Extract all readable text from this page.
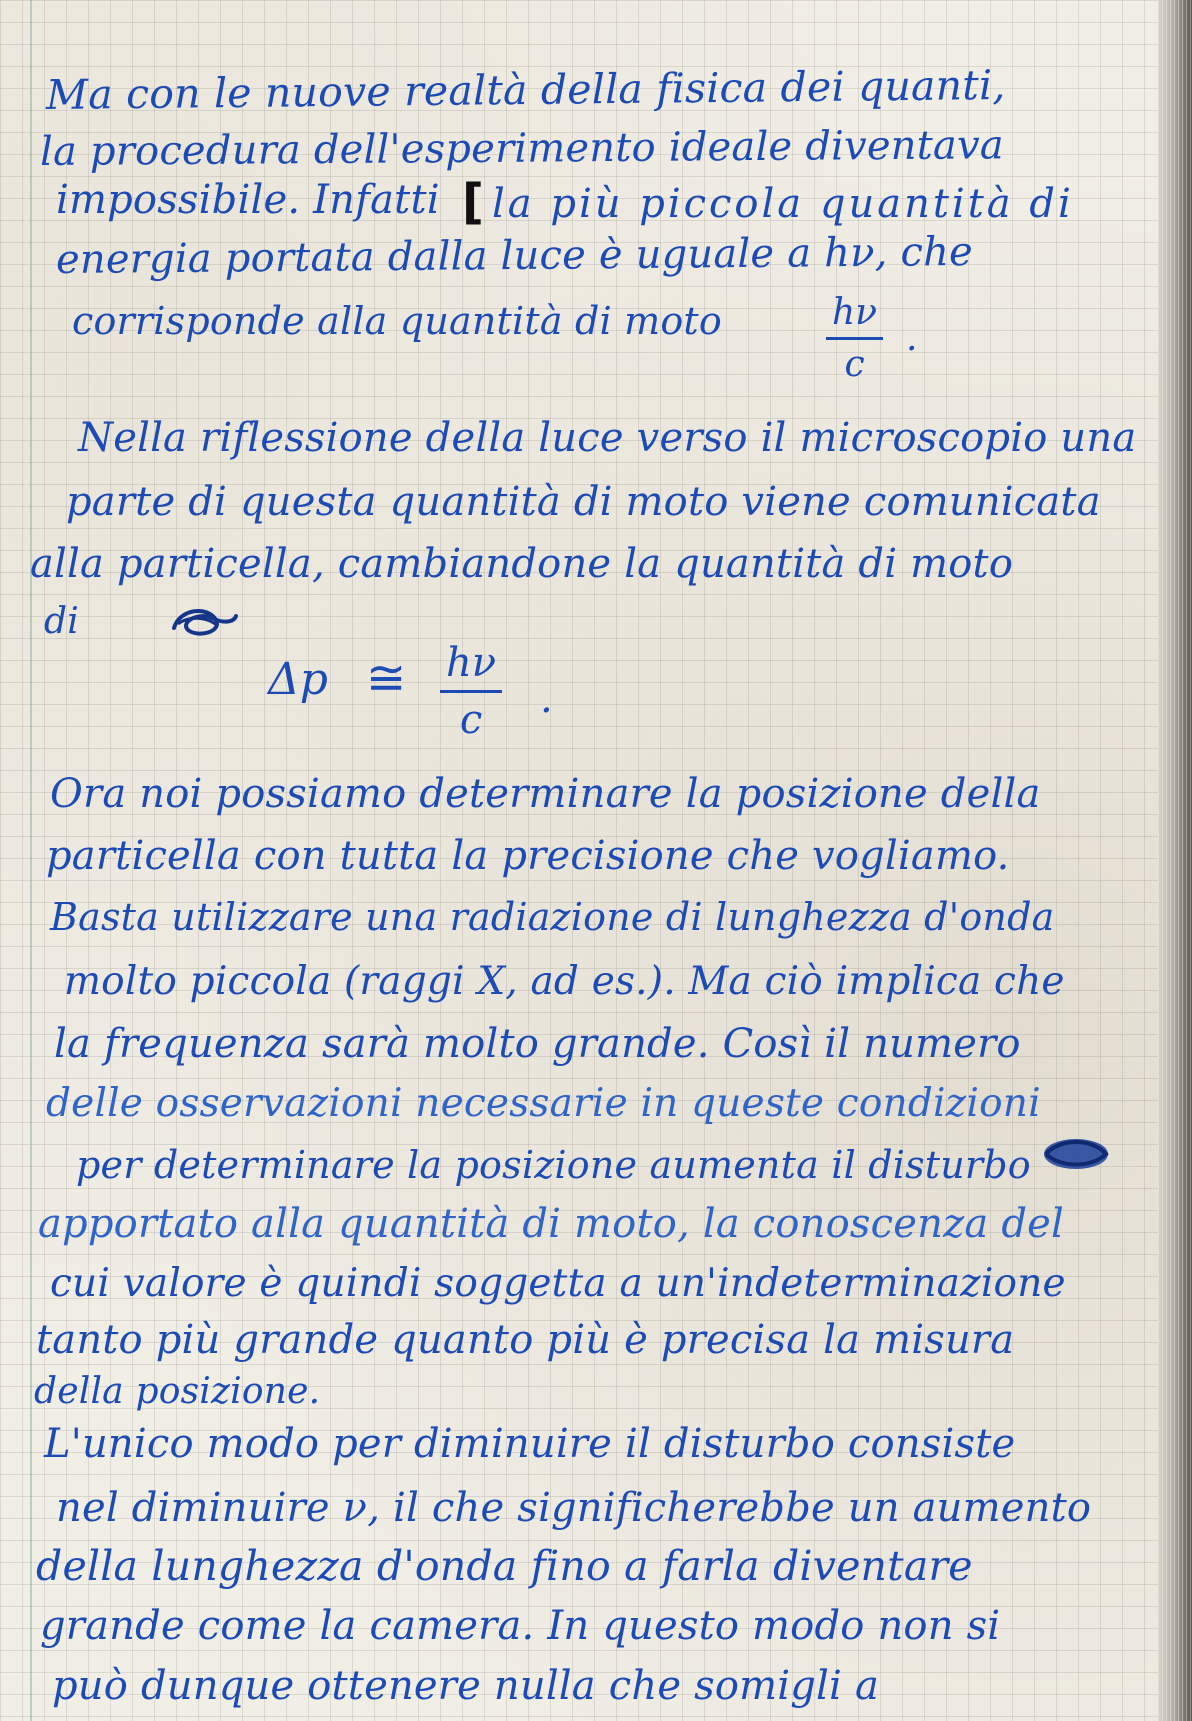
Ma con le nuove realtà della fisica dei quanti,
la procedura dell'esperimento ideale diventava
impossibile. Infatti [ la più piccola quantità di
energia portata dalla luce è uguale a hν, che
corrisponde alla quantità di moto	$\frac{h\nu}{c}$ .
Nella riflessione della luce verso il microscopio una
parte di questa quantità di moto viene comunicata
alla particella, cambiandone la quantità di moto
di
Δp ≅ $\frac{h\nu}{c}$ .
Ora noi possiamo determinare la posizione della
particella con tutta la precisione che vogliamo.
Basta utilizzare una radiazione di lunghezza d'onda
molto piccola (raggi X, ad es.). Ma ciò implica che
la frequenza sarà molto grande. Così il numero
delle osservazioni necessarie in queste condizioni
per determinare la posizione aumenta il disturbo
apportato alla quantità di moto, la conoscenza del
cui valore è quindi soggetta a un'indeterminazione
tanto più grande quanto più è precisa la misura
della posizione.
L'unico modo per diminuire il disturbo consiste
nel diminuire ν, il che significherebbe un aumento
della lunghezza d'onda fino a farla diventare
grande come la camera. In questo modo non si
può dunque ottenere nulla che somigli a
